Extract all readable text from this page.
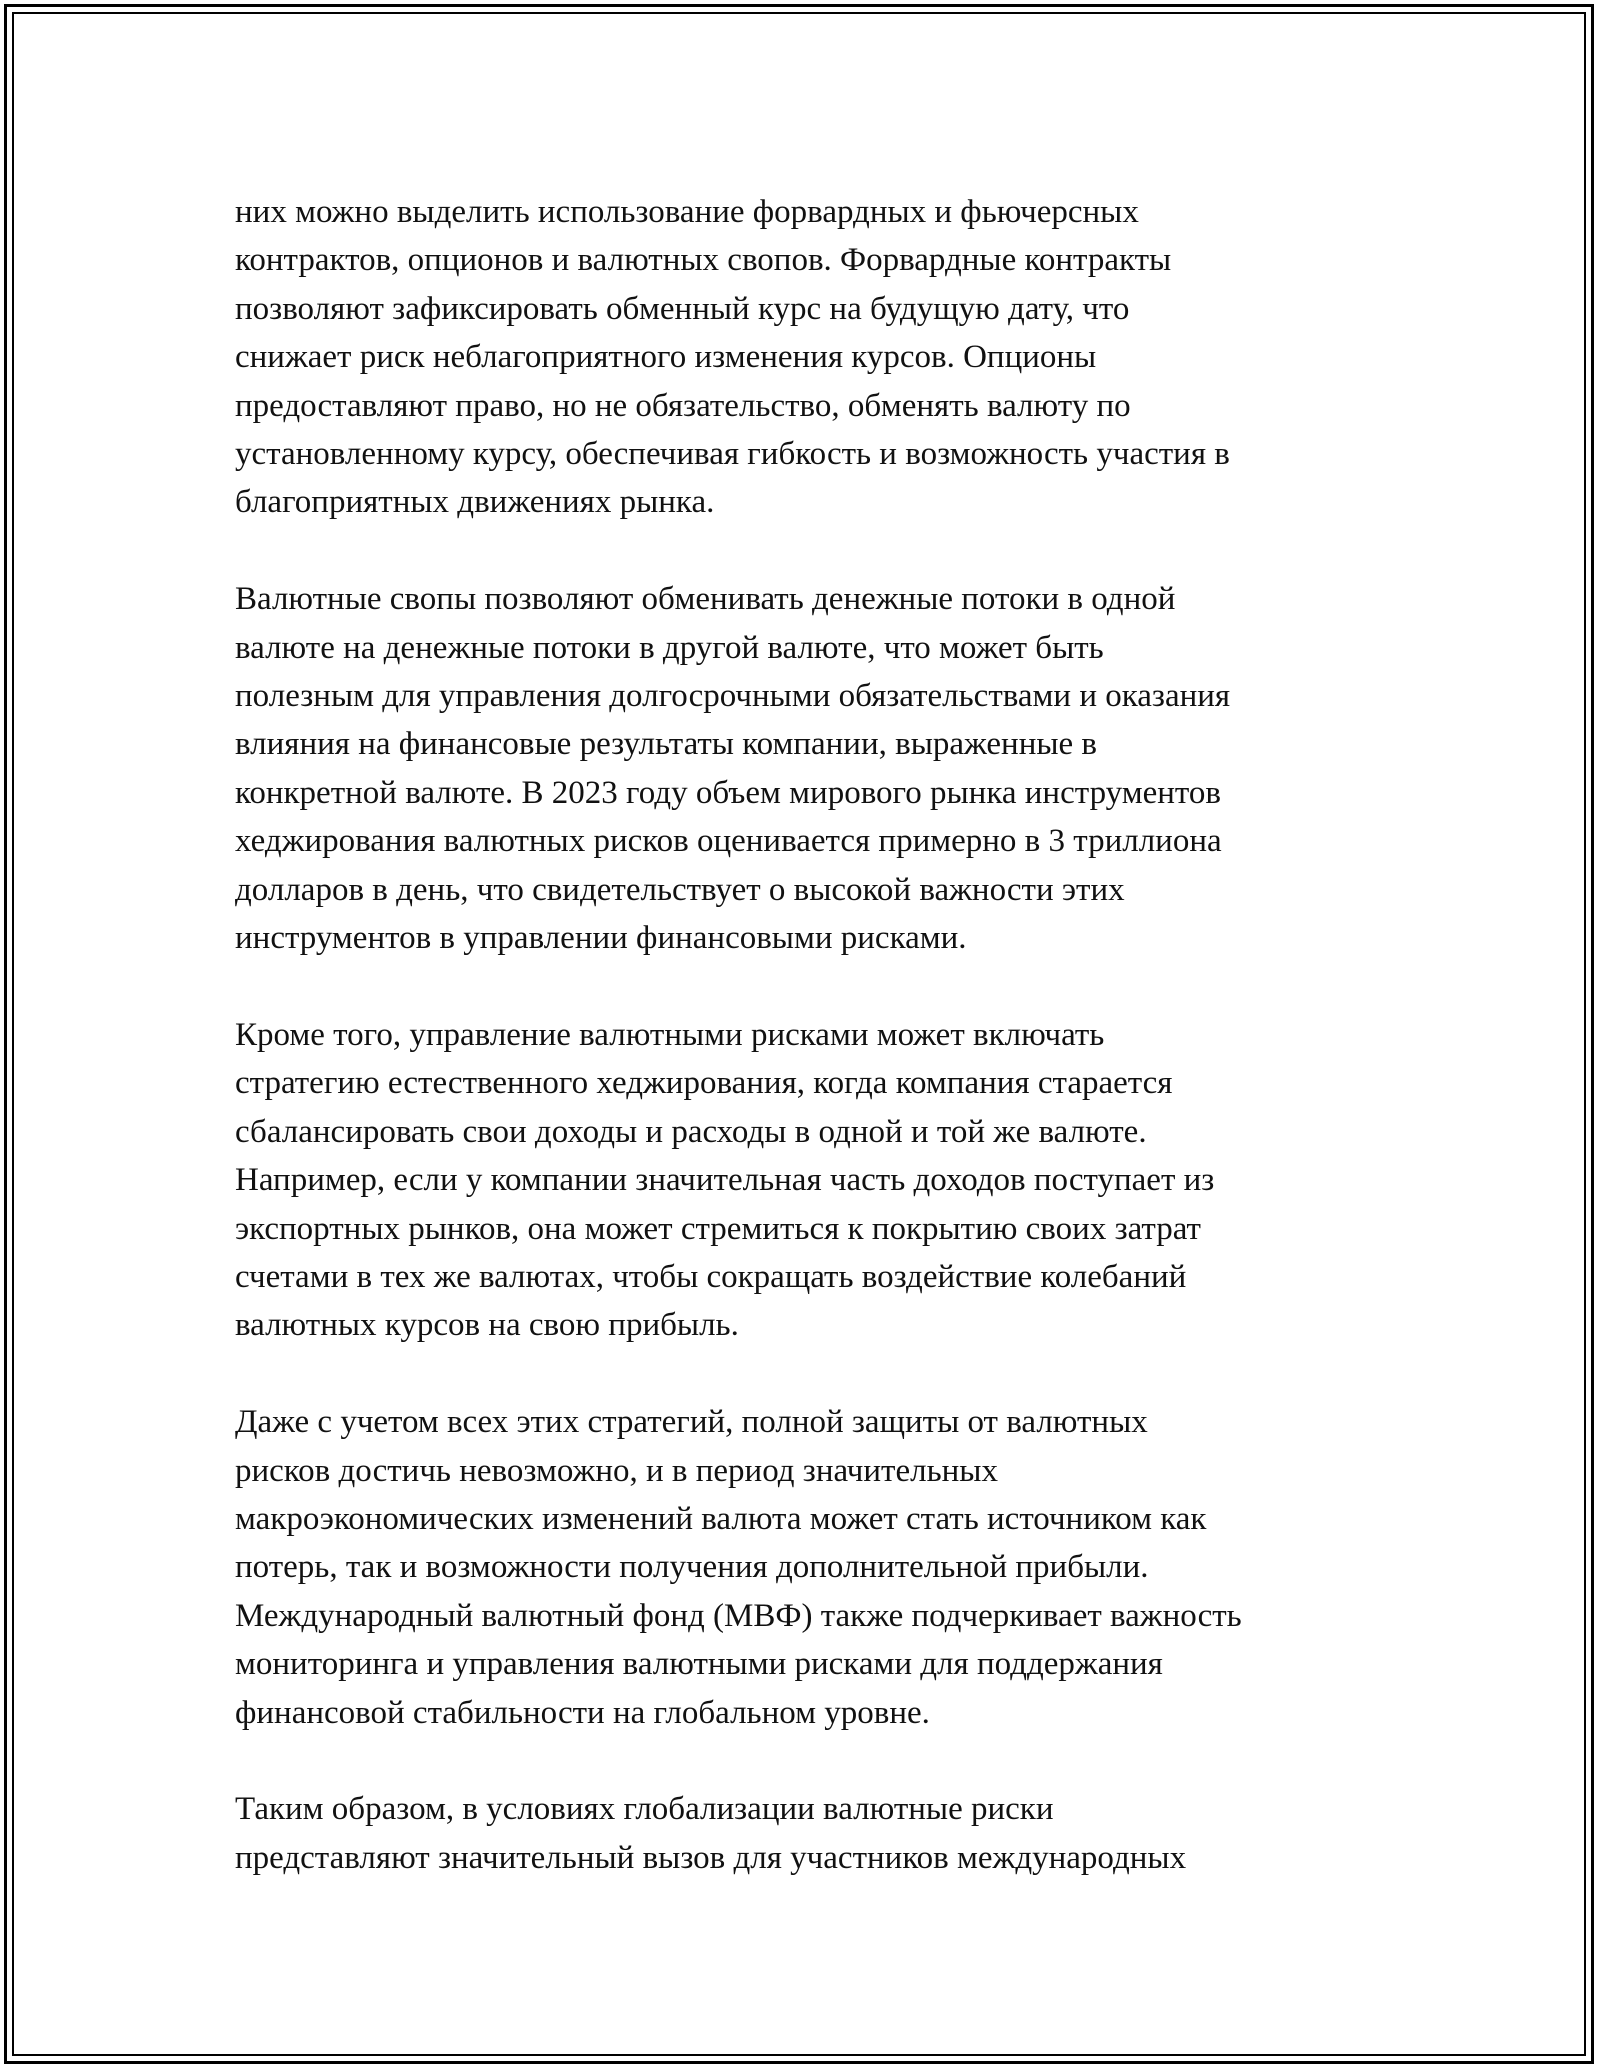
них можно выделить использование форвардных и фьючерсных
контрактов, опционов и валютных свопов. Форвардные контракты
позволяют зафиксировать обменный курс на будущую дату, что
снижает риск неблагоприятного изменения курсов. Опционы
предоставляют право, но не обязательство, обменять валюту по
установленному курсу, обеспечивая гибкость и возможность участия в
благоприятных движениях рынка.

Валютные свопы позволяют обменивать денежные потоки в одной
валюте на денежные потоки в другой валюте, что может быть
полезным для управления долгосрочными обязательствами и оказания
влияния на финансовые результаты компании, выраженные в
конкретной валюте. В 2023 году объем мирового рынка инструментов
хеджирования валютных рисков оценивается примерно в 3 триллиона
долларов в день, что свидетельствует о высокой важности этих
инструментов в управлении финансовыми рисками.

Кроме того, управление валютными рисками может включать
стратегию естественного хеджирования, когда компания старается
сбалансировать свои доходы и расходы в одной и той же валюте.
Например, если у компании значительная часть доходов поступает из
экспортных рынков, она может стремиться к покрытию своих затрат
счетами в тех же валютах, чтобы сокращать воздействие колебаний
валютных курсов на свою прибыль.

Даже с учетом всех этих стратегий, полной защиты от валютных
рисков достичь невозможно, и в период значительных
макроэкономических изменений валюта может стать источником как
потерь, так и возможности получения дополнительной прибыли.
Международный валютный фонд (МВФ) также подчеркивает важность
мониторинга и управления валютными рисками для поддержания
финансовой стабильности на глобальном уровне.

Таким образом, в условиях глобализации валютные риски
представляют значительный вызов для участников международных
